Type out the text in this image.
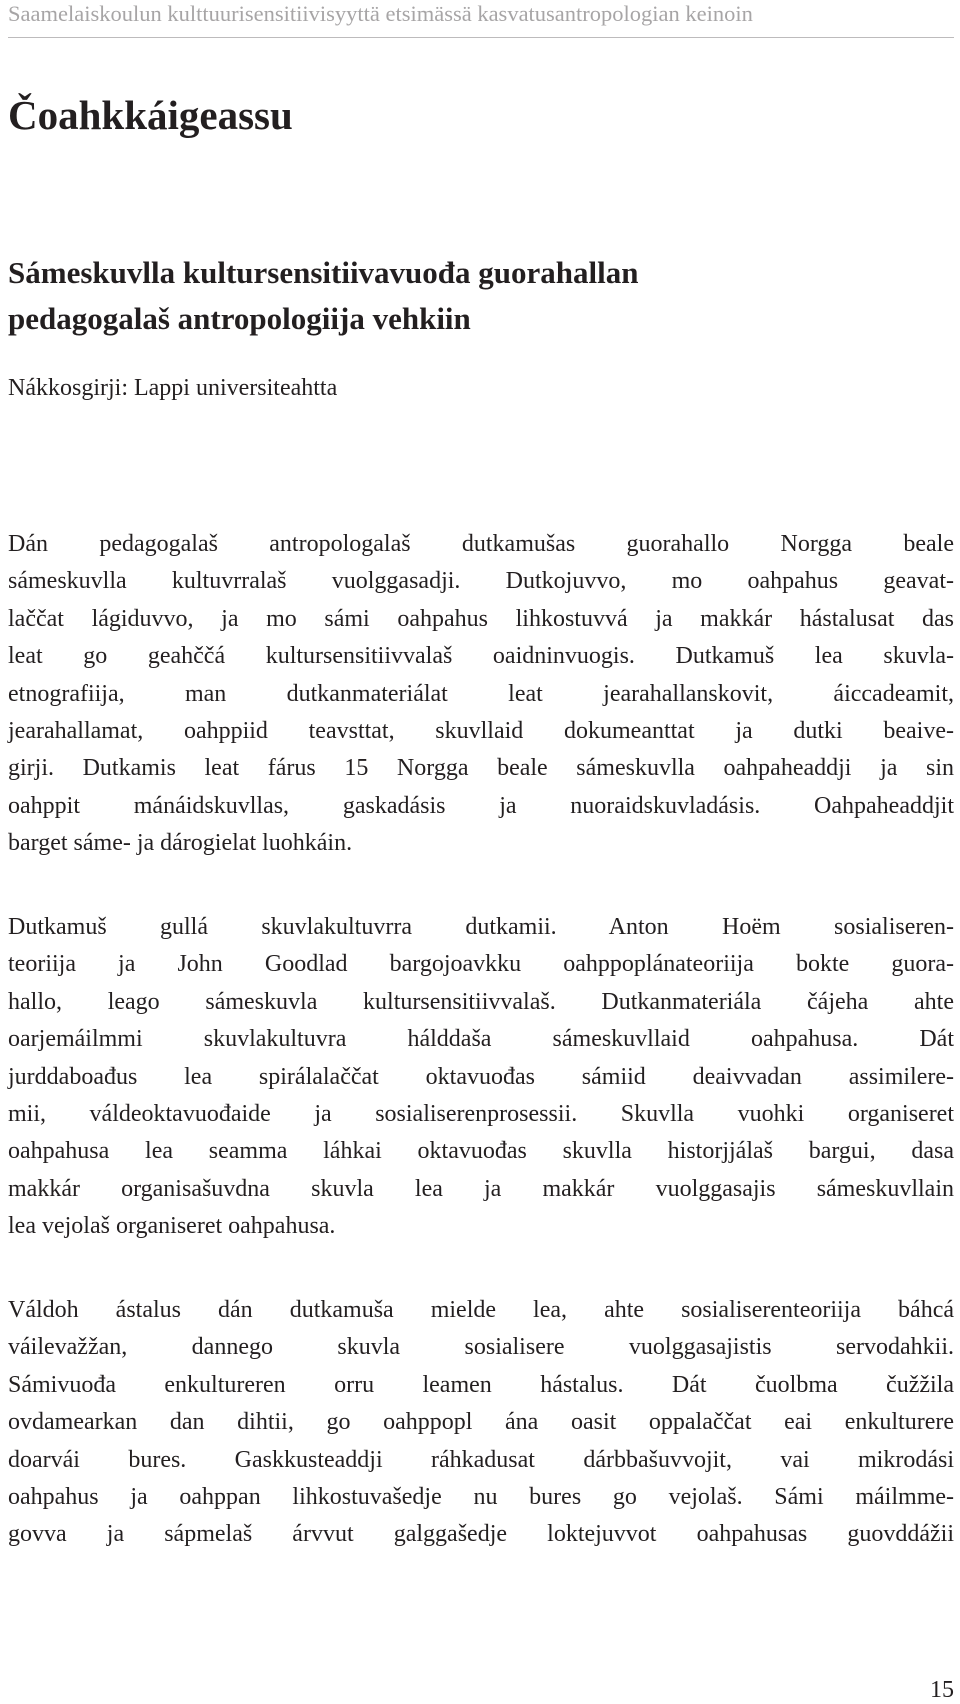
Saamelaiskoulun kulttuurisensitiivisyyttä etsimässä kasvatusantropologian keinoin
Čoahkkáigeassu
Sámeskuvlla kultursensitiivavuođa guorahallan
pedagogalaš antropologiija vehkiin
Nákkosgirji: Lappi universiteahtta
Dán pedagogalaš antropologalaš dutkamušas guorahallo Norgga beale
sámeskuvlla kultuvrralaš vuolggasadji. Dutkojuvvo, mo oahpahus geavat-
laččat lágiduvvo, ja mo sámi oahpahus lihkostuvvá ja makkár hástalusat das
leat go geahččá kultursensitiivvalaš oaidninvuogis. Dutkamuš lea skuvla-
etnografiija, man dutkanmateriálat leat jearahallanskovit, áiccadeamit,
jearahallamat, oahppiid teavsttat, skuvllaid dokumeanttat ja dutki beaive-
girji. Dutkamis leat fárus 15 Norgga beale sámeskuvlla oahpaheaddji ja sin
oahppit mánáidskuvllas, gaskadásis ja nuoraidskuvladásis. Oahpaheaddjit
barget sáme- ja dárogielat luohkáin.
Dutkamuš gullá skuvlakultuvrra dutkamii. Anton Hoëm sosialiseren-
teoriija ja John Goodlad bargojoavkku oahppoplánateoriija bokte guora-
hallo, leago sámeskuvla kultursensitiivvalaš. Dutkanmateriála čájeha ahte
oarjemáilmmi skuvlakultuvra hálddaša sámeskuvllaid oahpahusa. Dát
jurddaboađus lea spirálalaččat oktavuođas sámiid deaivvadan assimilere-
mii, váldeoktavuođaide ja sosialiserenprosessii. Skuvlla vuohki organiseret
oahpahusa lea seamma láhkai oktavuođas skuvlla historjjálaš bargui, dasa
makkár organisašuvdna skuvla lea ja makkár vuolggasajis sámeskuvllain
lea vejolaš organiseret oahpahusa.
Váldoh ástalus dán dutkamuša mielde lea, ahte sosialiserenteoriija báhcá
váilevažžan, dannego skuvla sosialisere vuolggasajistis servodahkii.
Sámivuođa enkultureren orru leamen hástalus. Dát čuolbma čužžila
ovdamearkan dan dihtii, go oahppopl ána oasit oppalaččat eai enkulturere
doarvái bures. Gaskkusteaddji ráhkadusat dárbbašuvvojit, vai mikrodási
oahpahus ja oahppan lihkostuvašedje nu bures go vejolaš. Sámi máilmme-
govva ja sápmelaš árvvut galggašedje loktejuvvot oahpahusas guovddážii
15
